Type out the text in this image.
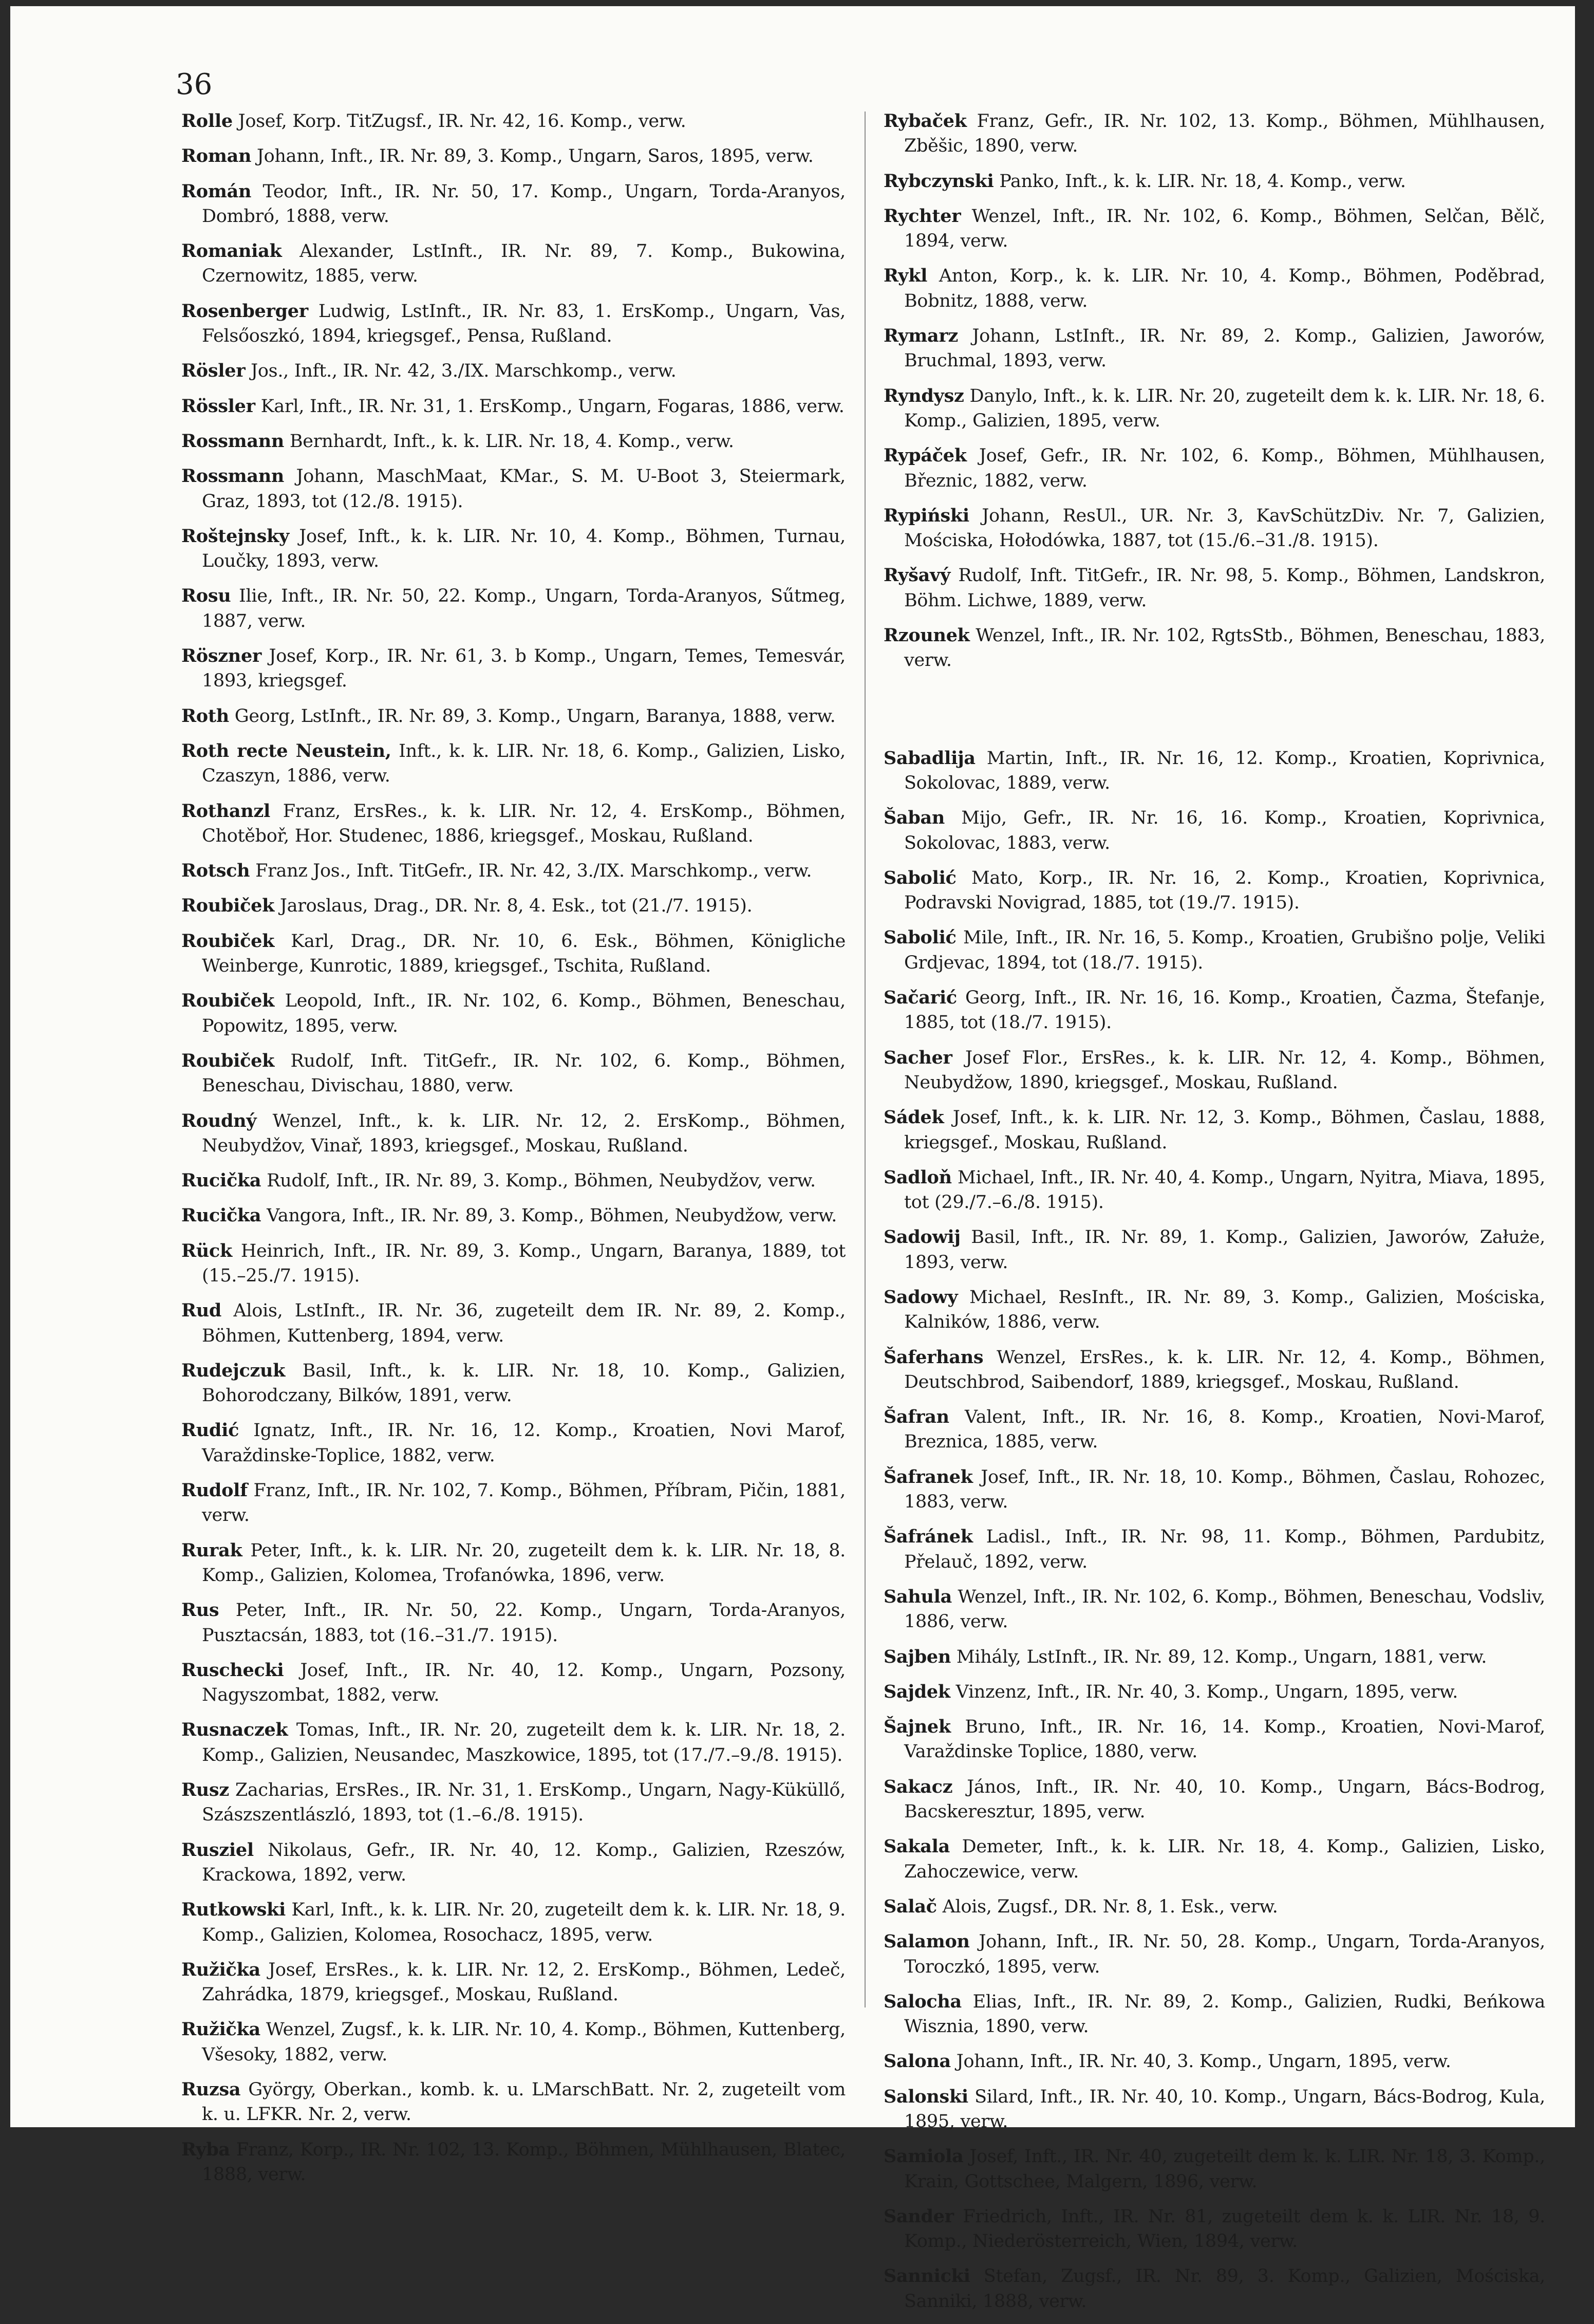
36
Rolle Josef, Korp. TitZugsf., IR. Nr. 42, 16. Komp., verw.
Roman Johann, Inft., IR. Nr. 89, 3. Komp., Ungarn, Saros, 1895, verw.
Román Teodor, Inft., IR. Nr. 50, 17. Komp., Ungarn, Torda-Aranyos, Dombró, 1888, verw.
Romaniak Alexander, LstInft., IR. Nr. 89, 7. Komp., Bukowina, Czernowitz, 1885, verw.
Rosenberger Ludwig, LstInft., IR. Nr. 83, 1. ErsKomp., Ungarn, Vas, Felsőoszkó, 1894, kriegsgef., Pensa, Rußland.
Rösler Jos., Inft., IR. Nr. 42, 3./IX. Marschkomp., verw.
Rössler Karl, Inft., IR. Nr. 31, 1. ErsKomp., Ungarn, Fogaras, 1886, verw.
Rossmann Bernhardt, Inft., k. k. LIR. Nr. 18, 4. Komp., verw.
Rossmann Johann, MaschMaat, KMar., S. M. U-Boot 3, Steiermark, Graz, 1893, tot (12./8. 1915).
Roštejnsky Josef, Inft., k. k. LIR. Nr. 10, 4. Komp., Böhmen, Turnau, Loučky, 1893, verw.
Rosu Ilie, Inft., IR. Nr. 50, 22. Komp., Ungarn, Torda-Aranyos, Sűtmeg, 1887, verw.
Röszner Josef, Korp., IR. Nr. 61, 3. b Komp., Ungarn, Temes, Temesvár, 1893, kriegsgef.
Roth Georg, LstInft., IR. Nr. 89, 3. Komp., Ungarn, Baranya, 1888, verw.
Roth recte Neustein, Inft., k. k. LIR. Nr. 18, 6. Komp., Galizien, Lisko, Czaszyn, 1886, verw.
Rothanzl Franz, ErsRes., k. k. LIR. Nr. 12, 4. ErsKomp., Böhmen, Chotěboř, Hor. Studenec, 1886, kriegsgef., Moskau, Rußland.
Rotsch Franz Jos., Inft. TitGefr., IR. Nr. 42, 3./IX. Marschkomp., verw.
Roubiček Jaroslaus, Drag., DR. Nr. 8, 4. Esk., tot (21./7. 1915).
Roubiček Karl, Drag., DR. Nr. 10, 6. Esk., Böhmen, Königliche Weinberge, Kunrotic, 1889, kriegsgef., Tschita, Rußland.
Roubiček Leopold, Inft., IR. Nr. 102, 6. Komp., Böhmen, Beneschau, Popowitz, 1895, verw.
Roubiček Rudolf, Inft. TitGefr., IR. Nr. 102, 6. Komp., Böhmen, Beneschau, Divischau, 1880, verw.
Roudný Wenzel, Inft., k. k. LIR. Nr. 12, 2. ErsKomp., Böhmen, Neubydžov, Vinař, 1893, kriegsgef., Moskau, Rußland.
Rucička Rudolf, Inft., IR. Nr. 89, 3. Komp., Böhmen, Neubydžov, verw.
Rucička Vangora, Inft., IR. Nr. 89, 3. Komp., Böhmen, Neubydžow, verw.
Rück Heinrich, Inft., IR. Nr. 89, 3. Komp., Ungarn, Baranya, 1889, tot (15.–25./7. 1915).
Rud Alois, LstInft., IR. Nr. 36, zugeteilt dem IR. Nr. 89, 2. Komp., Böhmen, Kuttenberg, 1894, verw.
Rudejczuk Basil, Inft., k. k. LIR. Nr. 18, 10. Komp., Galizien, Bohorodczany, Bilków, 1891, verw.
Rudić Ignatz, Inft., IR. Nr. 16, 12. Komp., Kroatien, Novi Marof, Varaždinske-Toplice, 1882, verw.
Rudolf Franz, Inft., IR. Nr. 102, 7. Komp., Böhmen, Příbram, Pičin, 1881, verw.
Rurak Peter, Inft., k. k. LIR. Nr. 20, zugeteilt dem k. k. LIR. Nr. 18, 8. Komp., Galizien, Kolomea, Trofanówka, 1896, verw.
Rus Peter, Inft., IR. Nr. 50, 22. Komp., Ungarn, Torda-Aranyos, Pusztacsán, 1883, tot (16.–31./7. 1915).
Ruschecki Josef, Inft., IR. Nr. 40, 12. Komp., Ungarn, Pozsony, Nagyszombat, 1882, verw.
Rusnaczek Tomas, Inft., IR. Nr. 20, zugeteilt dem k. k. LIR. Nr. 18, 2. Komp., Galizien, Neusandec, Maszkowice, 1895, tot (17./7.–9./8. 1915).
Rusz Zacharias, ErsRes., IR. Nr. 31, 1. ErsKomp., Ungarn, Nagy-Küküllő, Szászszentlászló, 1893, tot (1.–6./8. 1915).
Rusziel Nikolaus, Gefr., IR. Nr. 40, 12. Komp., Galizien, Rzeszów, Krackowa, 1892, verw.
Rutkowski Karl, Inft., k. k. LIR. Nr. 20, zugeteilt dem k. k. LIR. Nr. 18, 9. Komp., Galizien, Kolomea, Rosochacz, 1895, verw.
Ružička Josef, ErsRes., k. k. LIR. Nr. 12, 2. ErsKomp., Böhmen, Ledeč, Zahrádka, 1879, kriegsgef., Moskau, Rußland.
Ružička Wenzel, Zugsf., k. k. LIR. Nr. 10, 4. Komp., Böhmen, Kuttenberg, Všesoky, 1882, verw.
Ruzsa György, Oberkan., komb. k. u. LMarschBatt. Nr. 2, zugeteilt vom k. u. LFKR. Nr. 2, verw.
Ryba Franz, Korp., IR. Nr. 102, 13. Komp., Böhmen, Mühlhausen, Blatec, 1888, verw.
Rybaček Franz, Gefr., IR. Nr. 102, 13. Komp., Böhmen, Mühlhausen, Zběšic, 1890, verw.
Rybczynski Panko, Inft., k. k. LIR. Nr. 18, 4. Komp., verw.
Rychter Wenzel, Inft., IR. Nr. 102, 6. Komp., Böhmen, Selčan, Bělč, 1894, verw.
Rykl Anton, Korp., k. k. LIR. Nr. 10, 4. Komp., Böhmen, Poděbrad, Bobnitz, 1888, verw.
Rymarz Johann, LstInft., IR. Nr. 89, 2. Komp., Galizien, Jaworów, Bruchmal, 1893, verw.
Ryndysz Danylo, Inft., k. k. LIR. Nr. 20, zugeteilt dem k. k. LIR. Nr. 18, 6. Komp., Galizien, 1895, verw.
Rypáček Josef, Gefr., IR. Nr. 102, 6. Komp., Böhmen, Mühlhausen, Březnic, 1882, verw.
Rypiński Johann, ResUl., UR. Nr. 3, KavSchützDiv. Nr. 7, Galizien, Mościska, Hołodówka, 1887, tot (15./6.–31./8. 1915).
Ryšavý Rudolf, Inft. TitGefr., IR. Nr. 98, 5. Komp., Böhmen, Landskron, Böhm. Lichwe, 1889, verw.
Rzounek Wenzel, Inft., IR. Nr. 102, RgtsStb., Böhmen, Beneschau, 1883, verw.
Sabadlija Martin, Inft., IR. Nr. 16, 12. Komp., Kroatien, Koprivnica, Sokolovac, 1889, verw.
Šaban Mijo, Gefr., IR. Nr. 16, 16. Komp., Kroatien, Koprivnica, Sokolovac, 1883, verw.
Sabolić Mato, Korp., IR. Nr. 16, 2. Komp., Kroatien, Koprivnica, Podravski Novigrad, 1885, tot (19./7. 1915).
Sabolić Mile, Inft., IR. Nr. 16, 5. Komp., Kroatien, Grubišno polje, Veliki Grdjevac, 1894, tot (18./7. 1915).
Sačarić Georg, Inft., IR. Nr. 16, 16. Komp., Kroatien, Čazma, Štefanje, 1885, tot (18./7. 1915).
Sacher Josef Flor., ErsRes., k. k. LIR. Nr. 12, 4. Komp., Böhmen, Neubydžow, 1890, kriegsgef., Moskau, Rußland.
Sádek Josef, Inft., k. k. LIR. Nr. 12, 3. Komp., Böhmen, Časlau, 1888, kriegsgef., Moskau, Rußland.
Sadloň Michael, Inft., IR. Nr. 40, 4. Komp., Ungarn, Nyitra, Miava, 1895, tot (29./7.–6./8. 1915).
Sadowij Basil, Inft., IR. Nr. 89, 1. Komp., Galizien, Jaworów, Załuże, 1893, verw.
Sadowy Michael, ResInft., IR. Nr. 89, 3. Komp., Galizien, Mościska, Kalników, 1886, verw.
Šaferhans Wenzel, ErsRes., k. k. LIR. Nr. 12, 4. Komp., Böhmen, Deutschbrod, Saibendorf, 1889, kriegsgef., Moskau, Rußland.
Šafran Valent, Inft., IR. Nr. 16, 8. Komp., Kroatien, Novi-Marof, Breznica, 1885, verw.
Šafranek Josef, Inft., IR. Nr. 18, 10. Komp., Böhmen, Časlau, Rohozec, 1883, verw.
Šafránek Ladisl., Inft., IR. Nr. 98, 11. Komp., Böhmen, Pardubitz, Přelauč, 1892, verw.
Sahula Wenzel, Inft., IR. Nr. 102, 6. Komp., Böhmen, Beneschau, Vodsliv, 1886, verw.
Sajben Mihály, LstInft., IR. Nr. 89, 12. Komp., Ungarn, 1881, verw.
Sajdek Vinzenz, Inft., IR. Nr. 40, 3. Komp., Ungarn, 1895, verw.
Šajnek Bruno, Inft., IR. Nr. 16, 14. Komp., Kroatien, Novi-Marof, Varaždinske Toplice, 1880, verw.
Sakacz János, Inft., IR. Nr. 40, 10. Komp., Ungarn, Bács-Bodrog, Bacskeresztur, 1895, verw.
Sakala Demeter, Inft., k. k. LIR. Nr. 18, 4. Komp., Galizien, Lisko, Zahoczewice, verw.
Salač Alois, Zugsf., DR. Nr. 8, 1. Esk., verw.
Salamon Johann, Inft., IR. Nr. 50, 28. Komp., Ungarn, Torda-Aranyos, Toroczkó, 1895, verw.
Salocha Elias, Inft., IR. Nr. 89, 2. Komp., Galizien, Rudki, Beńkowa Wisznia, 1890, verw.
Salona Johann, Inft., IR. Nr. 40, 3. Komp., Ungarn, 1895, verw.
Salonski Silard, Inft., IR. Nr. 40, 10. Komp., Ungarn, Bács-Bodrog, Kula, 1895, verw.
Samiola Josef, Inft., IR. Nr. 40, zugeteilt dem k. k. LIR. Nr. 18, 3. Komp., Krain, Gottschee, Malgern, 1896, verw.
Sander Friedrich, Inft., IR. Nr. 81, zugeteilt dem k. k. LIR. Nr. 18, 9. Komp., Niederösterreich, Wien, 1894, verw.
Sannicki Stefan, Zugsf., IR. Nr. 89, 3. Komp., Galizien, Mościska, Sanniki, 1888, verw.
